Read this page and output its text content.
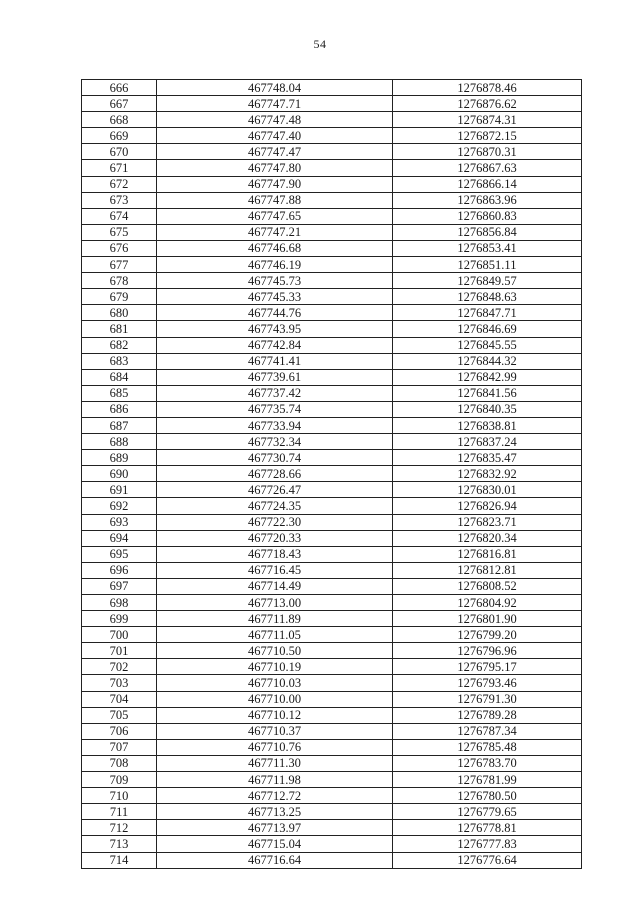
54
666	467748.04	1276878.46
667	467747.71	1276876.62
668	467747.48	1276874.31
669	467747.40	1276872.15
670	467747.47	1276870.31
671	467747.80	1276867.63
672	467747.90	1276866.14
673	467747.88	1276863.96
674	467747.65	1276860.83
675	467747.21	1276856.84
676	467746.68	1276853.41
677	467746.19	1276851.11
678	467745.73	1276849.57
679	467745.33	1276848.63
680	467744.76	1276847.71
681	467743.95	1276846.69
682	467742.84	1276845.55
683	467741.41	1276844.32
684	467739.61	1276842.99
685	467737.42	1276841.56
686	467735.74	1276840.35
687	467733.94	1276838.81
688	467732.34	1276837.24
689	467730.74	1276835.47
690	467728.66	1276832.92
691	467726.47	1276830.01
692	467724.35	1276826.94
693	467722.30	1276823.71
694	467720.33	1276820.34
695	467718.43	1276816.81
696	467716.45	1276812.81
697	467714.49	1276808.52
698	467713.00	1276804.92
699	467711.89	1276801.90
700	467711.05	1276799.20
701	467710.50	1276796.96
702	467710.19	1276795.17
703	467710.03	1276793.46
704	467710.00	1276791.30
705	467710.12	1276789.28
706	467710.37	1276787.34
707	467710.76	1276785.48
708	467711.30	1276783.70
709	467711.98	1276781.99
710	467712.72	1276780.50
711	467713.25	1276779.65
712	467713.97	1276778.81
713	467715.04	1276777.83
714	467716.64	1276776.64
